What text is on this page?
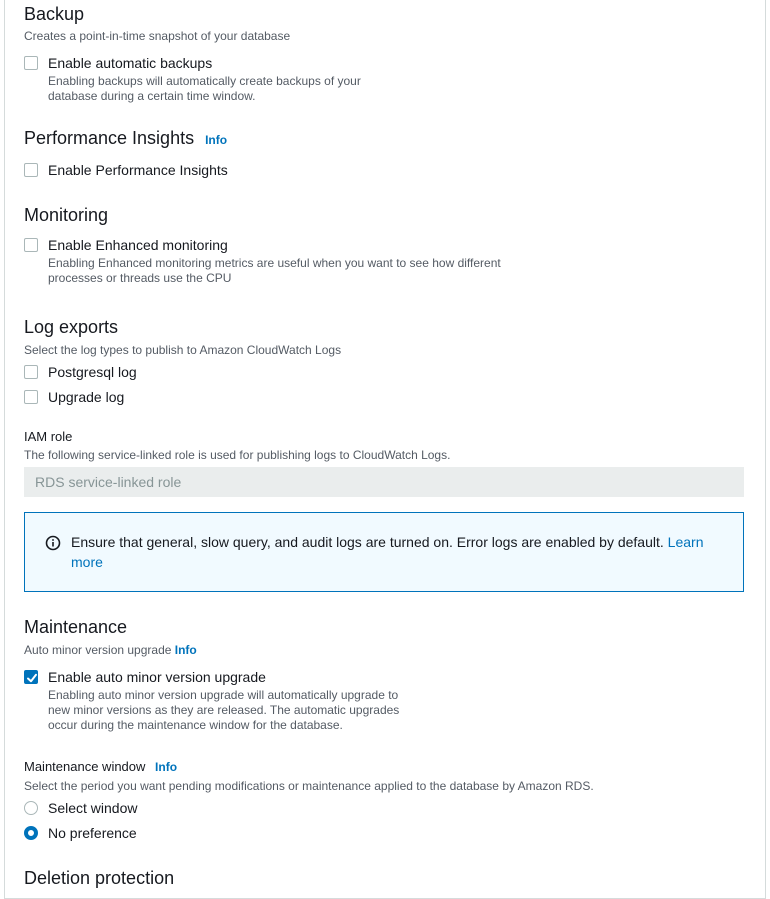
Backup
Creates a point-in-time snapshot of your database
Enable automatic backups
Enabling backups will automatically create backups of your
database during a certain time window.
Performance Insights Info
Enable Performance Insights
Monitoring
Enable Enhanced monitoring
Enabling Enhanced monitoring metrics are useful when you want to see how different
processes or threads use the CPU
Log exports
Select the log types to publish to Amazon CloudWatch Logs
Postgresql log
Upgrade log
IAM role
The following service-linked role is used for publishing logs to CloudWatch Logs.
RDS service-linked role
Ensure that general, slow query, and audit logs are turned on. Error logs are enabled by default. Learn more
Maintenance
Auto minor version upgrade Info
Enable auto minor version upgrade
Enabling auto minor version upgrade will automatically upgrade to
new minor versions as they are released. The automatic upgrades
occur during the maintenance window for the database.
Maintenance window Info
Select the period you want pending modifications or maintenance applied to the database by Amazon RDS.
Select window
No preference
Deletion protection
